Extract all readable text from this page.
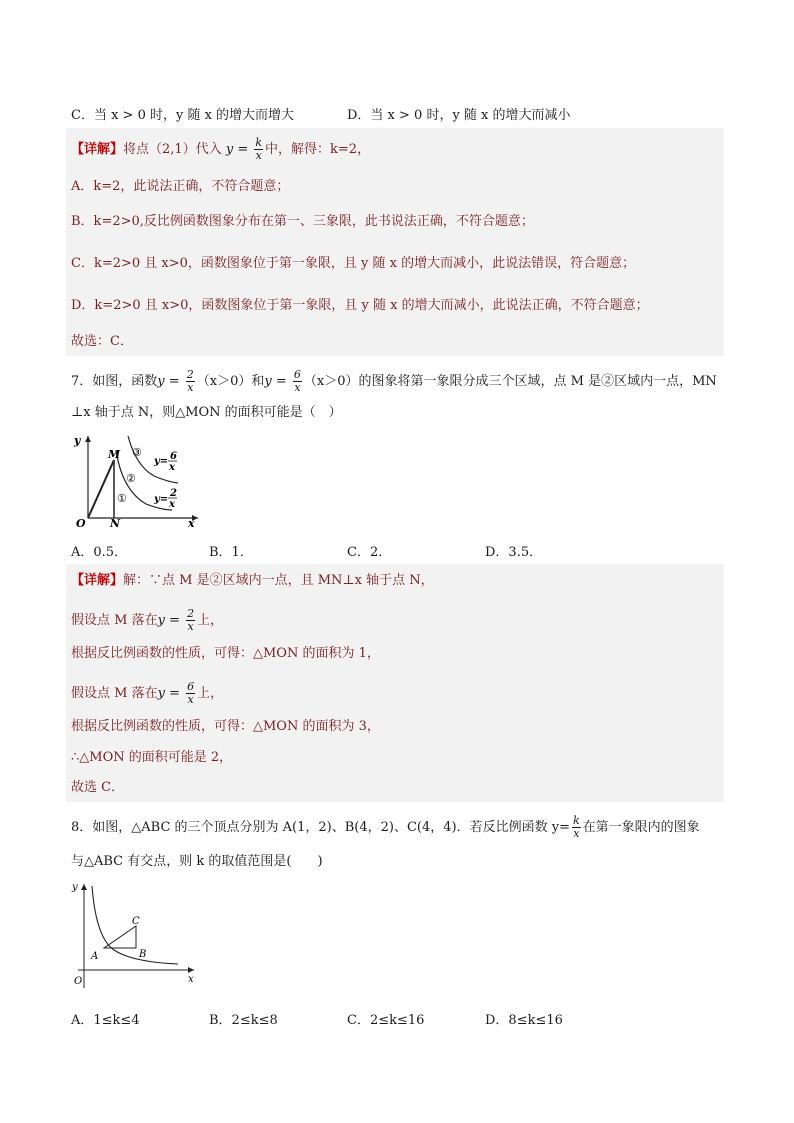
C．当 x > 0 时，y 随 x 的增大而增大	D．当 x > 0 时，y 随 x 的增大而减小
【详解】将点（2,1）代入 $y = \frac{k}{x}$ 中，解得：k=2，
A．k=2，此说法正确，不符合题意；
B．k=2>0,反比例函数图象分布在第一、三象限，此书说法正确，不符合题意；
C．k=2>0 且 x>0，函数图象位于第一象限，且 y 随 x 的增大而减小，此说法错误，符合题意；
D．k=2>0 且 x>0，函数图象位于第一象限，且 y 随 x 的增大而减小，此说法正确，不符合题意；
故选：C．
7．如图，函数$y = \frac{2}{x} (x>0)$和$y = \frac{6}{x} (x>0)$的图象将第一象限分成三个区域，点 M 是②区域内一点，MN
⊥x 轴于点 N，则△MON 的面积可能是（　）
y
x
O N
M
①
②
③
y= 6
x
y=
2
x
A．0.5．	B．1．	C．2．	D．3.5．
【详解】解：∵点 M 是②区域内一点，且 MN⊥x 轴于点 N，
假设点 M 落在$y = \frac{2}{x}$ 上，
根据反比例函数的性质，可得：△MON 的面积为 1，
假设点 M 落在$y = \frac{6}{x}$ 上，
根据反比例函数的性质，可得：△MON 的面积为 3，
∴△MON 的面积可能是 2，
故选 C．
8．如图，△ABC 的三个顶点分别为 A(1，2)、B(4，2)、C(4，4)．若反比例函数 $y= \frac{k}{x}$ 在第一象限内的图象
与△ABC 有交点，则 k 的取值范围是(　　)
y
x
O
A	B
C
A．1≤k≤4	B．2≤k≤8	C．2≤k≤16	D．8≤k≤16
